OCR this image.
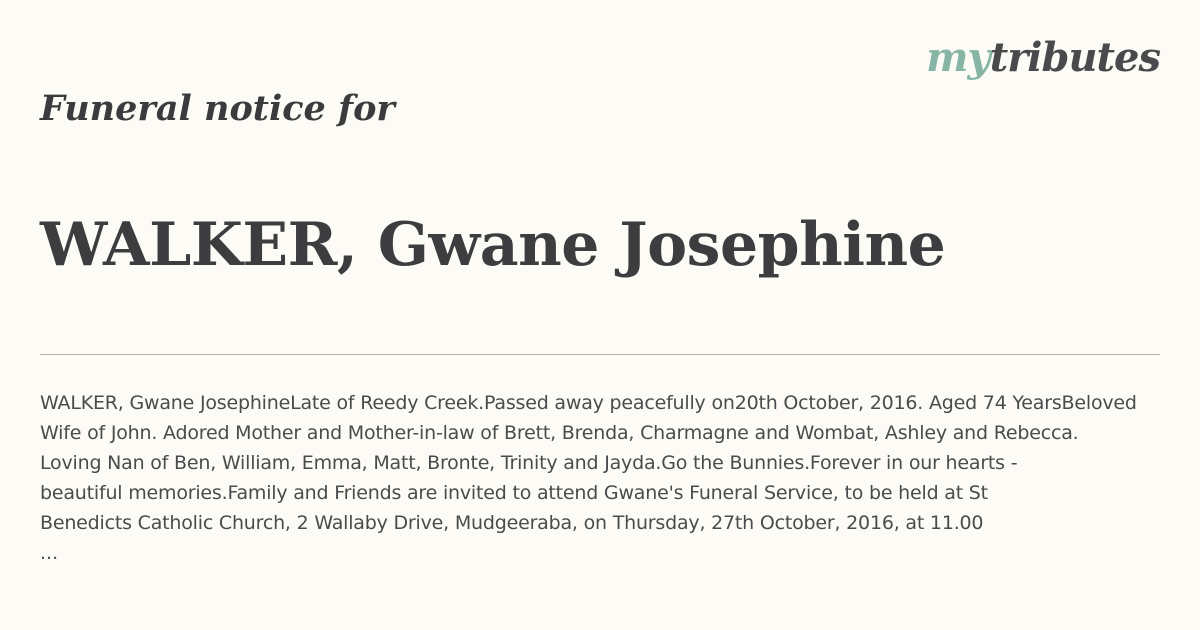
mytributes
Funeral notice for
WALKER, Gwane Josephine

WALKER, Gwane JosephineLate of Reedy Creek.Passed away peacefully on20th October, 2016. Aged 74 YearsBeloved
Wife of John. Adored Mother and Mother-in-law of Brett, Brenda, Charmagne and Wombat, Ashley and Rebecca.
Loving Nan of Ben, William, Emma, Matt, Bronte, Trinity and Jayda.Go the Bunnies.Forever in our hearts -
beautiful memories.Family and Friends are invited to attend Gwane's Funeral Service, to be held at St
Benedicts Catholic Church, 2 Wallaby Drive, Mudgeeraba, on Thursday, 27th October, 2016, at 11.00

...
